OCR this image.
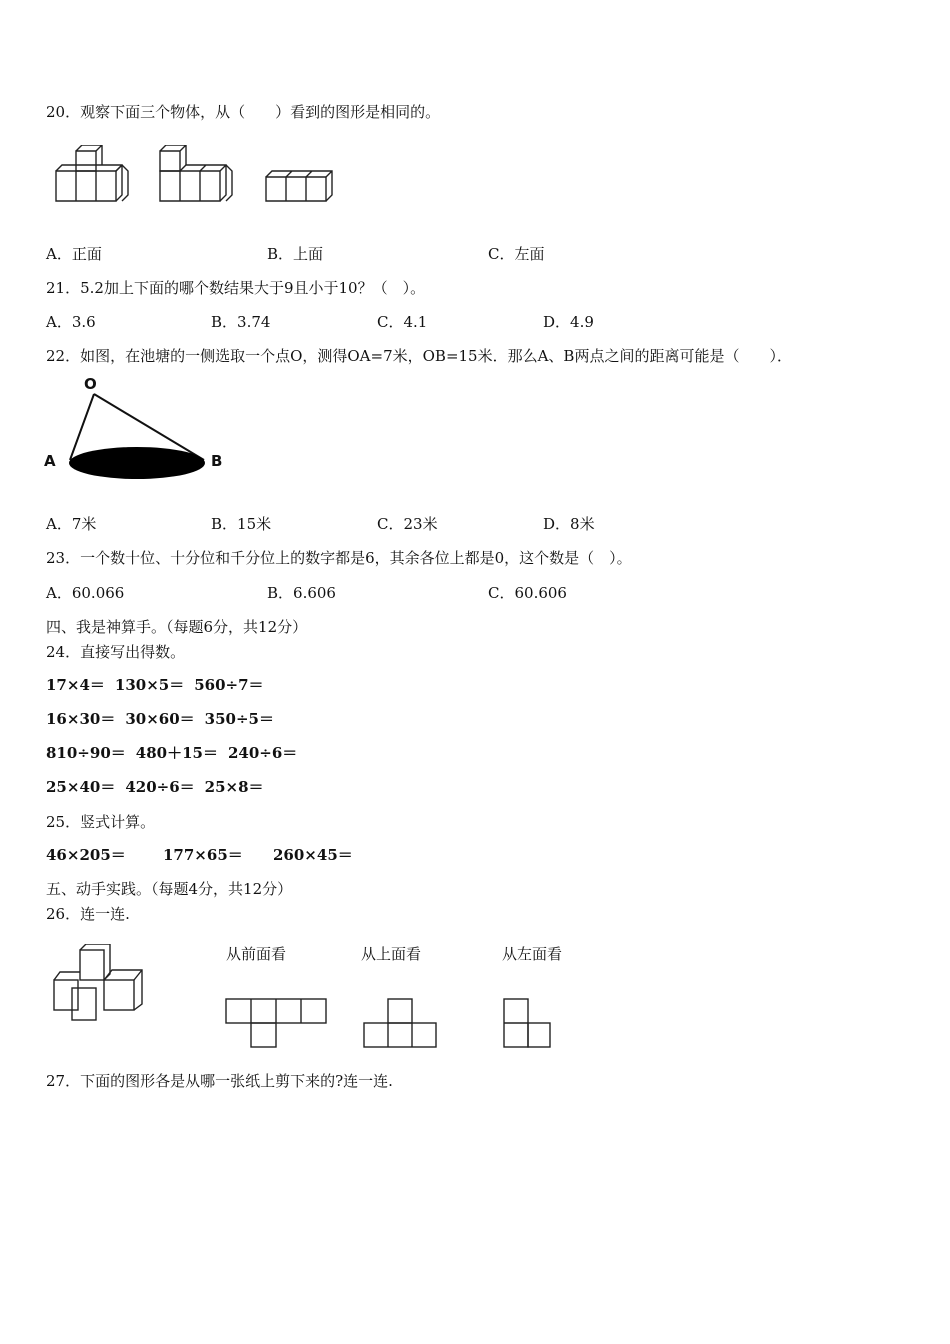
20．观察下面三个物体，从（　　）看到的图形是相同的。
A．正面	B．上面	C．左面
21．5.2加上下面的哪个数结果大于9且小于10？（　）。
A．3.6	B．3.74	C．4.1	D．4.9
22．如图，在池塘的一侧选取一个点O，测得OA=7米，OB=15米．那么A、B两点之间的距离可能是（　　）．
O
A	B
A．7米	B．15米	C．23米	D．8米
23．一个数十位、十分位和千分位上的数字都是6，其余各位上都是0，这个数是（　）。
A．60.066	B．6.606	C．60.606
四、我是神算手。（每题6分，共12分）
24．直接写出得数。
17×4＝ 130×5＝ 560÷7＝
16×30＝ 30×60＝ 350÷5＝
810÷90＝ 480＋15＝ 240÷6＝
25×40＝ 420÷6＝ 25×8＝
25．竖式计算。
46×205＝ 177×65＝ 260×45＝
五、动手实践。（每题4分，共12分）
26．连一连.
从前面看	从上面看	从左面看
27．下面的图形各是从哪一张纸上剪下来的?连一连.
